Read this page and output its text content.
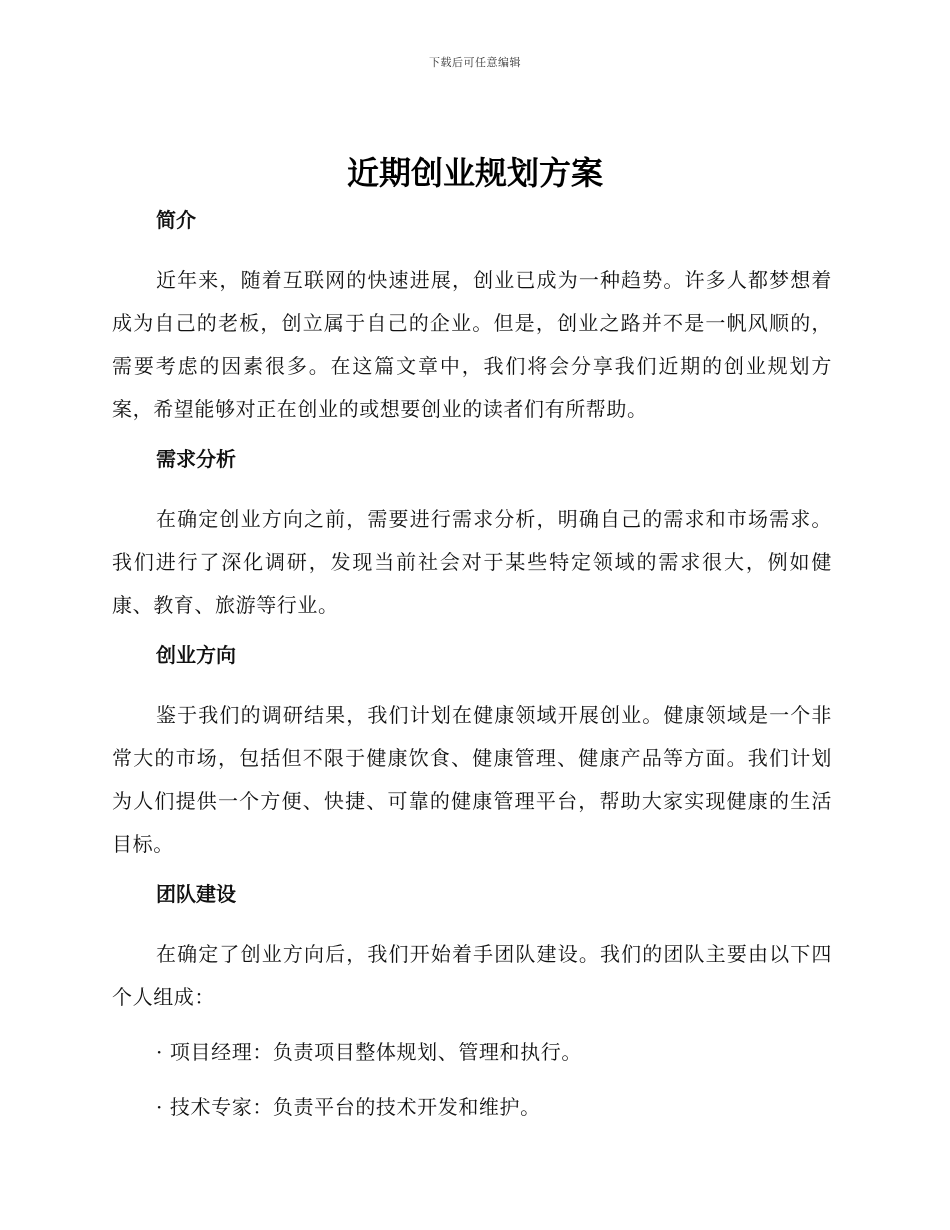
下载后可任意编辑
近期创业规划方案
简介

近年来，随着互联网的快速进展，创业已成为一种趋势。许多人都梦想着成为自己的老板，创立属于自己的企业。但是，创业之路并不是一帆风顺的，需要考虑的因素很多。在这篇文章中，我们将会分享我们近期的创业规划方案，希望能够对正在创业的或想要创业的读者们有所帮助。

需求分析

在确定创业方向之前，需要进行需求分析，明确自己的需求和市场需求。我们进行了深化调研，发现当前社会对于某些特定领域的需求很大，例如健康、教育、旅游等行业。

创业方向

鉴于我们的调研结果，我们计划在健康领域开展创业。健康领域是一个非常大的市场，包括但不限于健康饮食、健康管理、健康产品等方面。我们计划为人们提供一个方便、快捷、可靠的健康管理平台，帮助大家实现健康的生活目标。

团队建设

在确定了创业方向后，我们开始着手团队建设。我们的团队主要由以下四个人组成：

· 项目经理：负责项目整体规划、管理和执行。

· 技术专家：负责平台的技术开发和维护。
